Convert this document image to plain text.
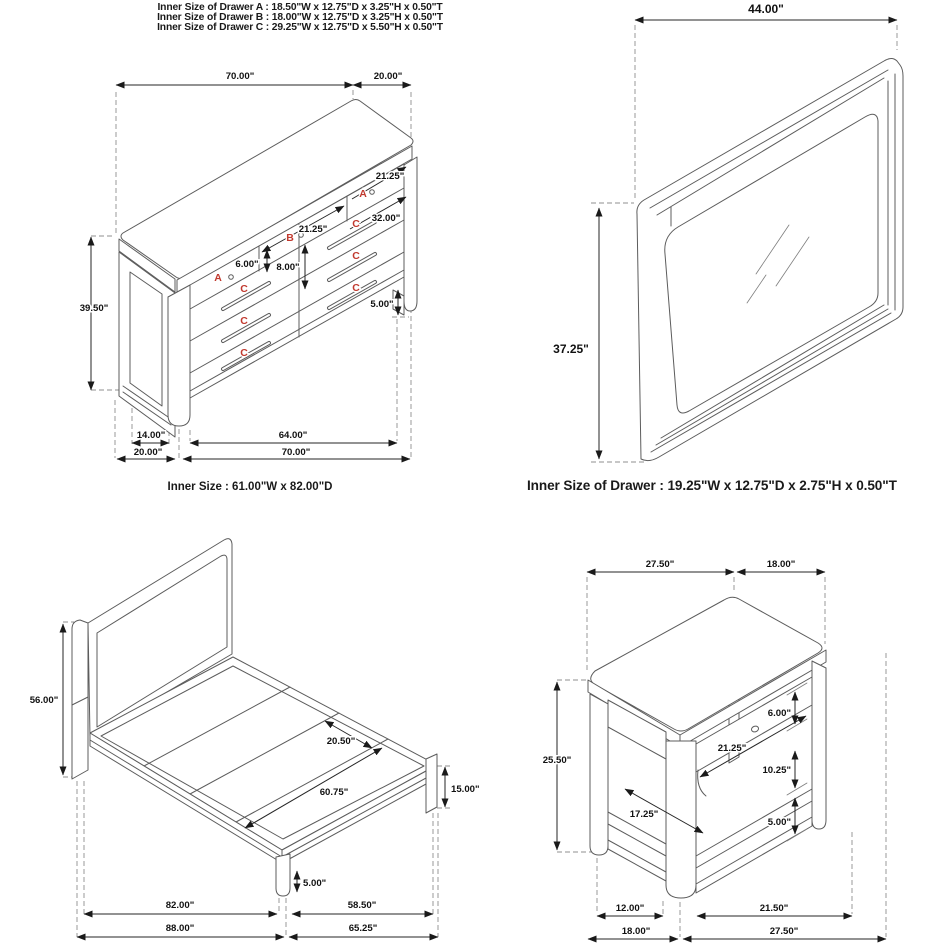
Inner Size of Drawer A : 18.50"W x 12.75"D x 3.25"H x 0.50"T
Inner Size of Drawer B : 18.00"W x 12.75"D x 3.25"H x 0.50"T
Inner Size of Drawer C : 29.25"W x 12.75"D x 5.50"H x 0.50"T
Inner Size : 61.00"W x 82.00"D	Inner Size of Drawer : 19.25"W x 12.75"D x 2.75"H x 0.50"T
70.00"	20.00"
39.50"
14.00"
20.00"
64.00"
70.00"
5.00"
21.25"
32.00"
21.25"
6.00" 8.00"
A
A
B
C
C
C
C
C
C
44.00"
37.25"
56.00"
15.00"
5.00"
20.50"
60.75"
82.00"	58.50"
88.00"	65.25"
27.50"	18.00"
25.50"
6.00"
21.25"
10.25"
17.25"
5.00"
12.00"	21.50"
18.00"	27.50"
